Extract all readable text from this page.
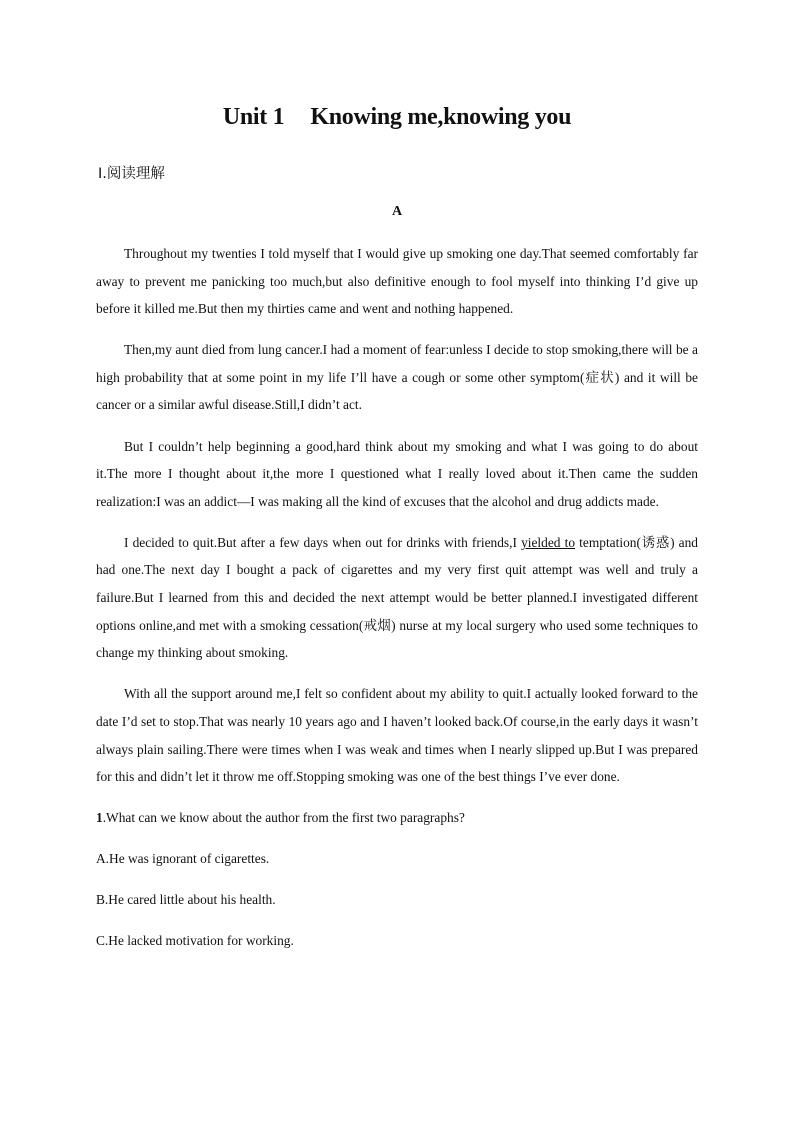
Unit 1 Knowing me,knowing you
Ⅰ.阅读理解
A

Throughout my twenties I told myself that I would give up smoking one day.That seemed comfortably far away to prevent me panicking too much,but also definitive enough to fool myself into thinking I’d give up before it killed me.But then my thirties came and went and nothing happened.

Then,my aunt died from lung cancer.I had a moment of fear:unless I decide to stop smoking,there will be a high probability that at some point in my life I’ll have a cough or some other symptom(症状) and it will be cancer or a similar awful disease.Still,I didn’t act.

But I couldn’t help beginning a good,hard think about my smoking and what I was going to do about it.The more I thought about it,the more I questioned what I really loved about it.Then came the sudden realization:I was an addict—I was making all the kind of excuses that the alcohol and drug addicts made.

I decided to quit.But after a few days when out for drinks with friends,I yielded to temptation(诱惑) and had one.The next day I bought a pack of cigarettes and my very first quit attempt was well and truly a failure.But I learned from this and decided the next attempt would be better planned.I investigated different options online,and met with a smoking cessation(戒烟) nurse at my local surgery who used some techniques to change my thinking about smoking.

With all the support around me,I felt so confident about my ability to quit.I actually looked forward to the date I’d set to stop.That was nearly 10 years ago and I haven’t looked back.Of course,in the early days it wasn’t always plain sailing.There were times when I was weak and times when I nearly slipped up.But I was prepared for this and didn’t let it throw me off.Stopping smoking was one of the best things I’ve ever done.

1.What can we know about the author from the first two paragraphs?

A.He was ignorant of cigarettes.

B.He cared little about his health.

C.He lacked motivation for working.
